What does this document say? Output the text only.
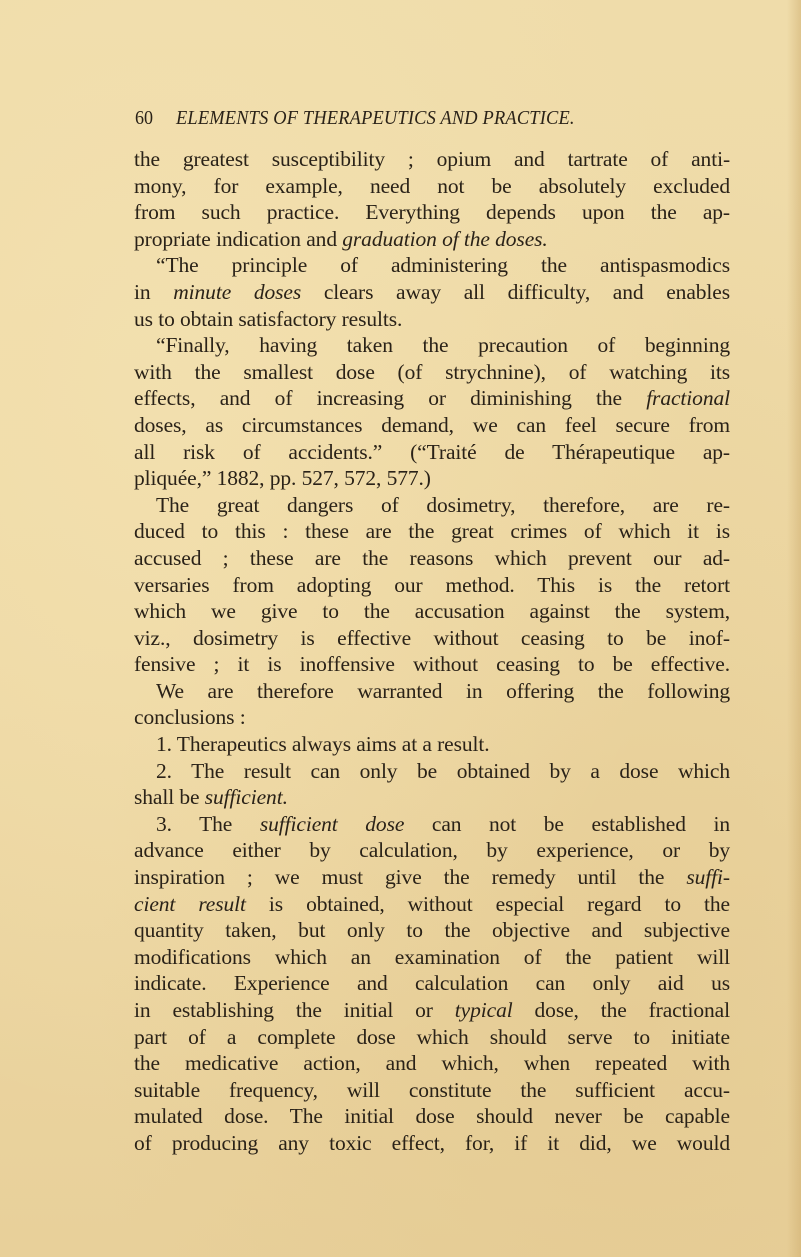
60 ELEMENTS OF THERAPEUTICS AND PRACTICE.
the greatest susceptibility ; opium and tartrate of anti-
mony, for example, need not be absolutely excluded
from such practice. Everything depends upon the ap-
propriate indication and graduation of the doses.
“The principle of administering the antispasmodics
in minute doses clears away all difficulty, and enables
us to obtain satisfactory results.
“Finally, having taken the precaution of beginning
with the smallest dose (of strychnine), of watching its
effects, and of increasing or diminishing the fractional
doses, as circumstances demand, we can feel secure from
all risk of accidents.” (“Traité de Thérapeutique ap-
pliquée,” 1882, pp. 527, 572, 577.)
The great dangers of dosimetry, therefore, are re-
duced to this : these are the great crimes of which it is
accused ; these are the reasons which prevent our ad-
versaries from adopting our method. This is the retort
which we give to the accusation against the system,
viz., dosimetry is effective without ceasing to be inof-
fensive ; it is inoffensive without ceasing to be effective.
We are therefore warranted in offering the following
conclusions :
1. Therapeutics always aims at a result.
2. The result can only be obtained by a dose which
shall be sufficient.
3. The sufficient dose can not be established in
advance either by calculation, by experience, or by
inspiration ; we must give the remedy until the suffi-
cient result is obtained, without especial regard to the
quantity taken, but only to the objective and subjective
modifications which an examination of the patient will
indicate. Experience and calculation can only aid us
in establishing the initial or typical dose, the fractional
part of a complete dose which should serve to initiate
the medicative action, and which, when repeated with
suitable frequency, will constitute the sufficient accu-
mulated dose. The initial dose should never be capable
of producing any toxic effect, for, if it did, we would
